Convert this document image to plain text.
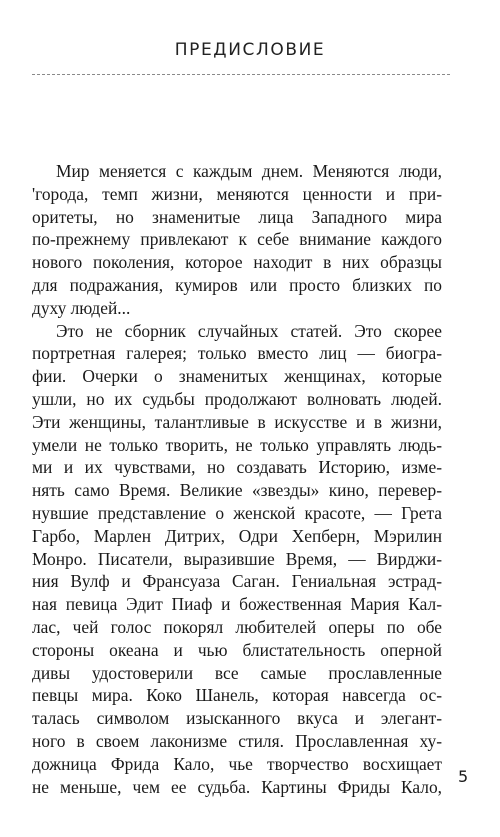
ПРЕДИСЛОВИЕ
Мир меняется с каждым днем. Меняются люди,
'города, темп жизни, меняются ценности и при-
оритеты, но знаменитые лица Западного мира
по-прежнему привлекают к себе внимание каждого
нового поколения, которое находит в них образцы
для подражания, кумиров или просто близких по
духу людей...
Это не сборник случайных статей. Это скорее
портретная галерея; только вместо лиц — биогра-
фии. Очерки о знаменитых женщинах, которые
ушли, но их судьбы продолжают волновать людей.
Эти женщины, талантливые в искусстве и в жизни,
умели не только творить, не только управлять людь-
ми и их чувствами, но создавать Историю, изме-
нять само Время. Великие «звезды» кино, перевер-
нувшие представление о женской красоте, — Грета
Гарбо, Марлен Дитрих, Одри Хепберн, Мэрилин
Монро. Писатели, выразившие Время, — Вирджи-
ния Вулф и Франсуаза Саган. Гениальная эстрад-
ная певица Эдит Пиаф и божественная Мария Кал-
лас, чей голос покорял любителей оперы по обе
стороны океана и чью блистательность оперной
дивы удостоверили все самые прославленные
певцы мира. Коко Шанель, которая навсегда ос-
талась символом изысканного вкуса и элегант-
ного в своем лаконизме стиля. Прославленная ху-
дожница Фрида Кало, чье творчество восхищает
не меньше, чем ее судьба. Картины Фриды Кало,
5
